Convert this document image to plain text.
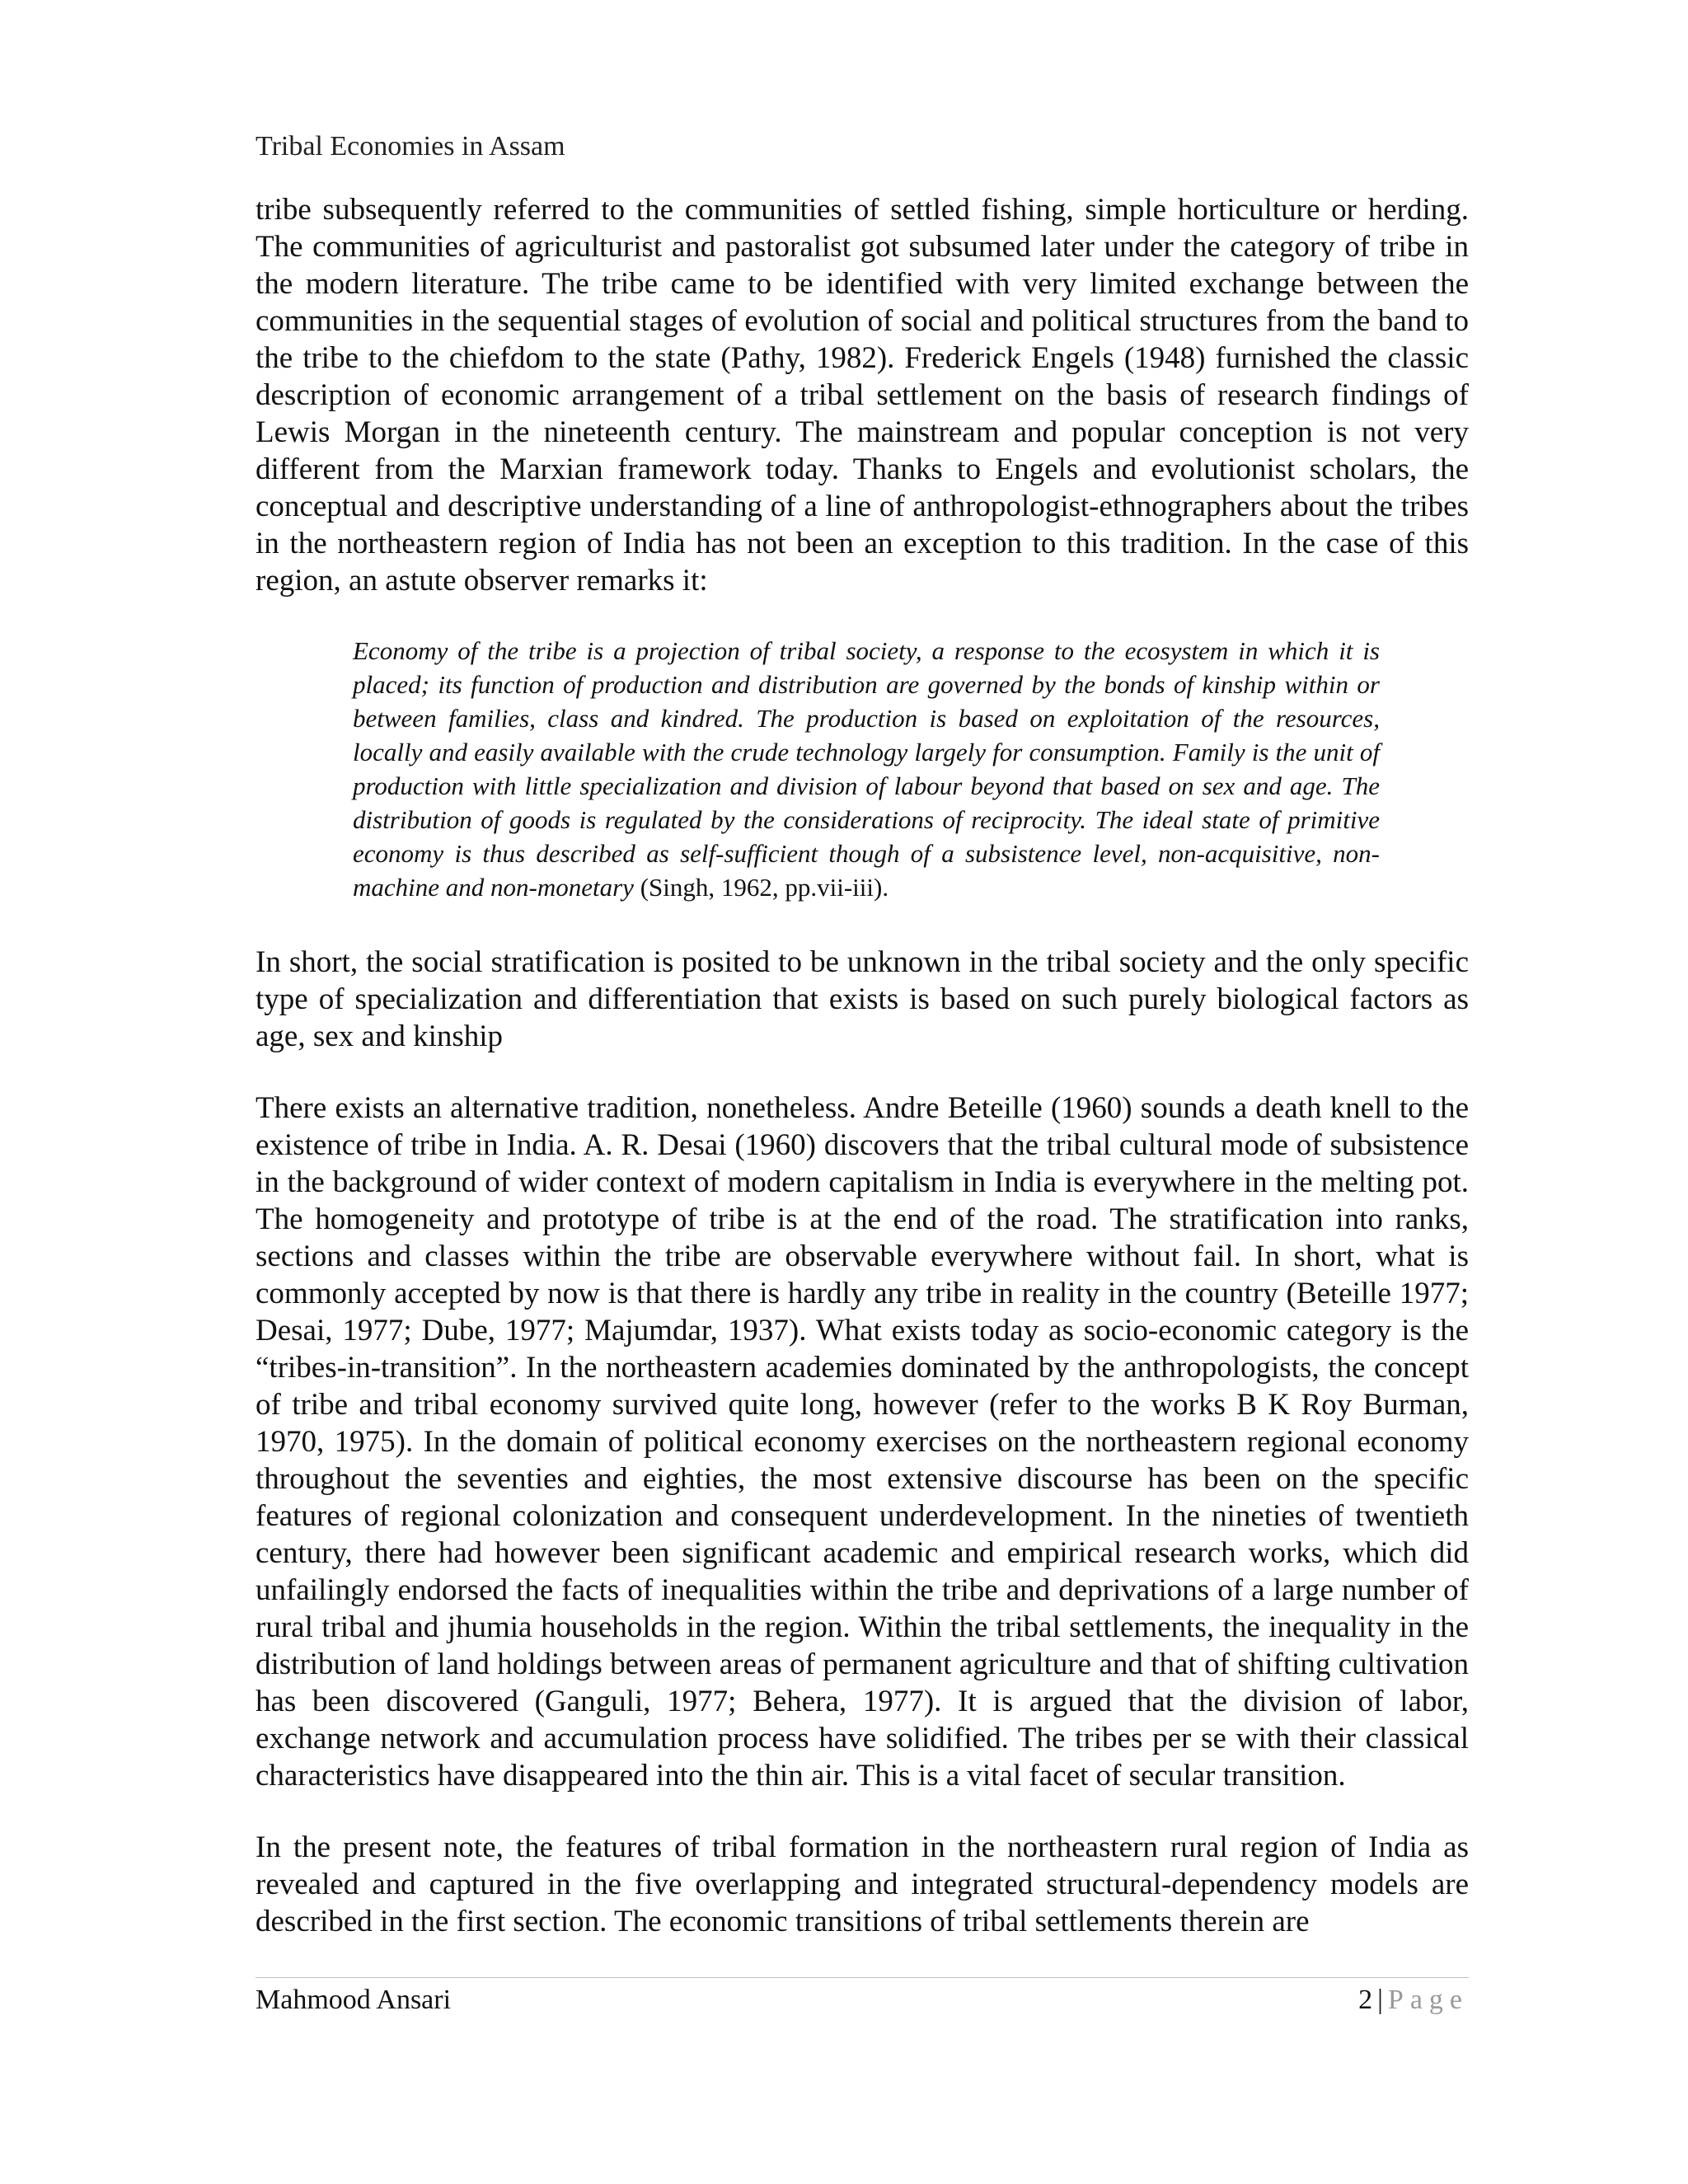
Tribal Economies in Assam

tribe subsequently referred to the communities of settled fishing, simple horticulture or herding. The communities of agriculturist and pastoralist got subsumed later under the category of tribe in the modern literature. The tribe came to be identified with very limited exchange between the communities in the sequential stages of evolution of social and political structures from the band to the tribe to the chiefdom to the state (Pathy, 1982). Frederick Engels (1948) furnished the classic description of economic arrangement of a tribal settlement on the basis of research findings of Lewis Morgan in the nineteenth century. The mainstream and popular conception is not very different from the Marxian framework today. Thanks to Engels and evolutionist scholars, the conceptual and descriptive understanding of a line of anthropologist-ethnographers about the tribes in the northeastern region of India has not been an exception to this tradition. In the case of this region, an astute observer remarks it:

Economy of the tribe is a projection of tribal society, a response to the ecosystem in which it is placed; its function of production and distribution are governed by the bonds of kinship within or between families, class and kindred. The production is based on exploitation of the resources, locally and easily available with the crude technology largely for consumption. Family is the unit of production with little specialization and division of labour beyond that based on sex and age. The distribution of goods is regulated by the considerations of reciprocity. The ideal state of primitive economy is thus described as self-sufficient though of a subsistence level, non-acquisitive, non-machine and non-monetary (Singh, 1962, pp.vii-iii).

In short, the social stratification is posited to be unknown in the tribal society and the only specific type of specialization and differentiation that exists is based on such purely biological factors as age, sex and kinship

There exists an alternative tradition, nonetheless. Andre Beteille (1960) sounds a death knell to the existence of tribe in India. A. R. Desai (1960) discovers that the tribal cultural mode of subsistence in the background of wider context of modern capitalism in India is everywhere in the melting pot. The homogeneity and prototype of tribe is at the end of the road. The stratification into ranks, sections and classes within the tribe are observable everywhere without fail. In short, what is commonly accepted by now is that there is hardly any tribe in reality in the country (Beteille 1977; Desai, 1977; Dube, 1977; Majumdar, 1937). What exists today as socio-economic category is the “tribes-in-transition”. In the northeastern academies dominated by the anthropologists, the concept of tribe and tribal economy survived quite long, however (refer to the works B K Roy Burman, 1970, 1975). In the domain of political economy exercises on the northeastern regional economy throughout the seventies and eighties, the most extensive discourse has been on the specific features of regional colonization and consequent underdevelopment. In the nineties of twentieth century, there had however been significant academic and empirical research works, which did unfailingly endorsed the facts of inequalities within the tribe and deprivations of a large number of rural tribal and jhumia households in the region. Within the tribal settlements, the inequality in the distribution of land holdings between areas of permanent agriculture and that of shifting cultivation has been discovered (Ganguli, 1977; Behera, 1977). It is argued that the division of labor, exchange network and accumulation process have solidified. The tribes per se with their classical characteristics have disappeared into the thin air. This is a vital facet of secular transition.

In the present note, the features of tribal formation in the northeastern rural region of India as revealed and captured in the five overlapping and integrated structural-dependency models are described in the first section. The economic transitions of tribal settlements therein are

Mahmood Ansari	2 | Page
